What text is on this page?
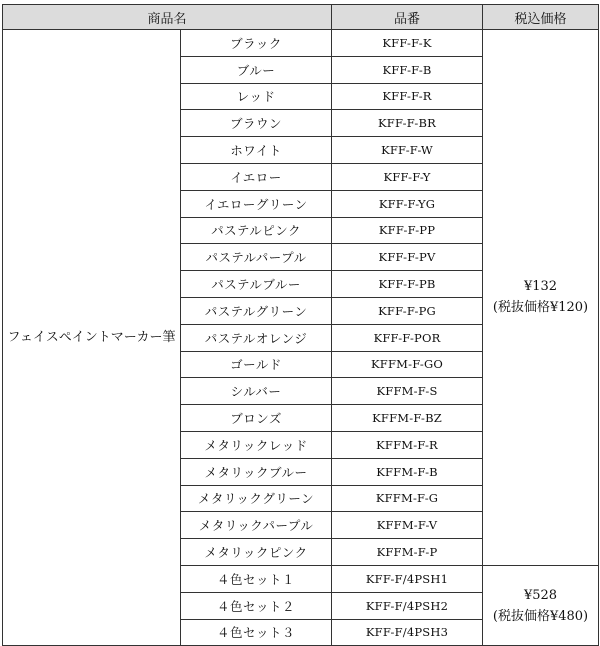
商品名		品番	税込価格
フェイスペイントマーカー筆	ブラック	KFF-F-K	¥132
(税抜価格¥120)

	ブルー	KFF-F-B	
	レッド	KFF-F-R	
	ブラウン	KFF-F-BR	
	ホワイト	KFF-F-W	
	イエロー	KFF-F-Y	
	イエローグリーン	KFF-F-YG	
	パステルピンク	KFF-F-PP	
	パステルパープル	KFF-F-PV	
	パステルブルー	KFF-F-PB	
	パステルグリーン	KFF-F-PG	
	パステルオレンジ	KFF-F-POR	
	ゴールド	KFFM-F-GO	
	シルバー	KFFM-F-S	
	ブロンズ	KFFM-F-BZ	
	メタリックレッド	KFFM-F-R	
	メタリックブルー	KFFM-F-B	
	メタリックグリーン	KFFM-F-G	
	メタリックパープル	KFFM-F-V	
	メタリックピンク	KFFM-F-P	
	４色セット１	KFF-F/4PSH1	¥528
(税抜価格¥480)

	４色セット２	KFF-F/4PSH2	
	４色セット３	KFF-F/4PSH3	
